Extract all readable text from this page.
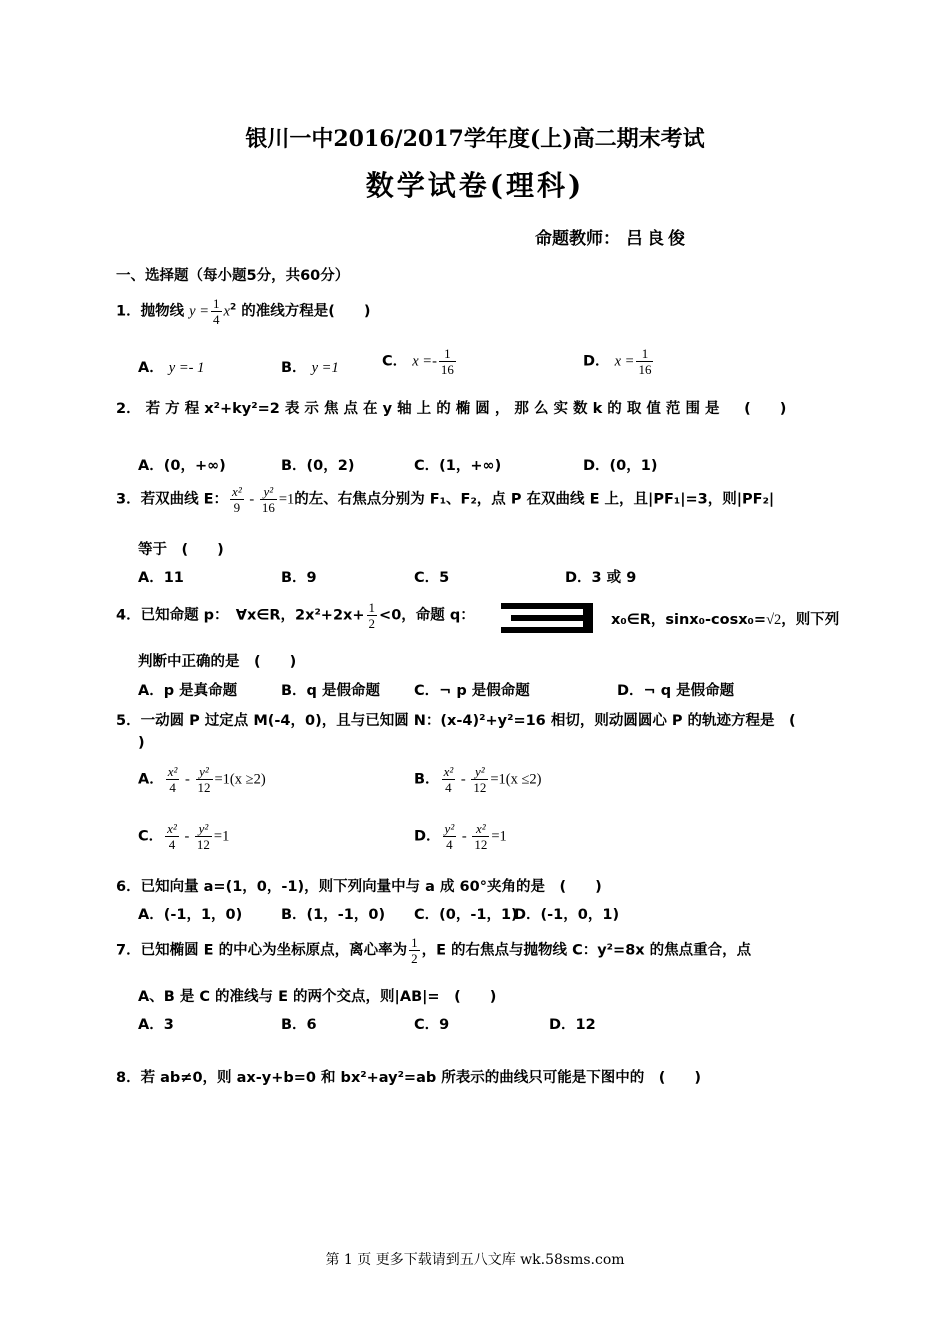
银川一中2016/2017学年度(上)高二期末考试
数学试卷(理科)
命题教师： 吕良俊
一、选择题（每小题5分，共60分）
1．抛物线 $y = \frac{1}{4} x^2$ 的准线方程是(　　)
A． y =- 1	B． y =1	C． $x =- \frac{1}{16}$	D． $x = \frac{1}{16}$
2． 若 方 程 x²+ky²=2 表 示 焦 点 在 y 轴 上 的 椭 圆 ， 那 么 实 数 k 的 取 值 范 围 是 　 (　　)
A．(0，+∞)	B．(0，2)	C．(1，+∞)	D．(0，1)
3．若双曲线 E： $\frac{\text{x²}}{9} - \frac{\text{y²}}{16} =1$的左、右焦点分别为 F₁、F₂，点 P 在双曲线 E 上，且|PF₁|=3，则|PF₂|
等于　(　　)
A．11	B．9	C．5	D．3 或 9
4．已知命题 p：　∀x∈R，$2x^2+2x+ \frac{1}{2} <0$，命题 q：	x₀∈R，sinx₀-cosx₀=√2，则下列
判断中正确的是　(　　)
A．p 是真命题	B．q 是假命题 C．¬ p 是假命题	D．¬ q 是假命题
5．一动圆 P 过定点 M(-4，0)，且与已知圆 N：(x-4)²+y²=16 相切，则动圆圆心 P 的轨迹方程是　(
)
A． $\frac{\text{x²}}{4} - \frac{\text{y²}}{12} =1(x \ge 2)$	B． $\frac{\text{x²}}{4} - \frac{\text{y²}}{12} =1(x \le 2)$
C． $\frac{\text{x²}}{4} - \frac{\text{y²}}{12} =1$	D． $\frac{\text{y²}}{4} - \frac{\text{x²}}{12} =1$
6．已知向量 a=(1，0，-1)，则下列向量中与 a 成 60°夹角的是　(　　)
A．(-1，1，0)	B．(1，-1，0) C．(0，-1，1)
D．(-1，0，1)
7．已知椭圆 E 的中心为坐标原点，离心率为 $\frac{1}{2}$ ，E 的右焦点与抛物线 C：y²=8x 的焦点重合，点
A、B 是 C 的准线与 E 的两个交点，则|AB|=　(　　)
A．3	B．6	C．9	D．12
8．若 ab≠0，则 ax-y+b=0 和 bx²+ay²=ab 所表示的曲线只可能是下图中的　(　　)
第 1 页 更多下载请到五八文库 wk.58sms.com
